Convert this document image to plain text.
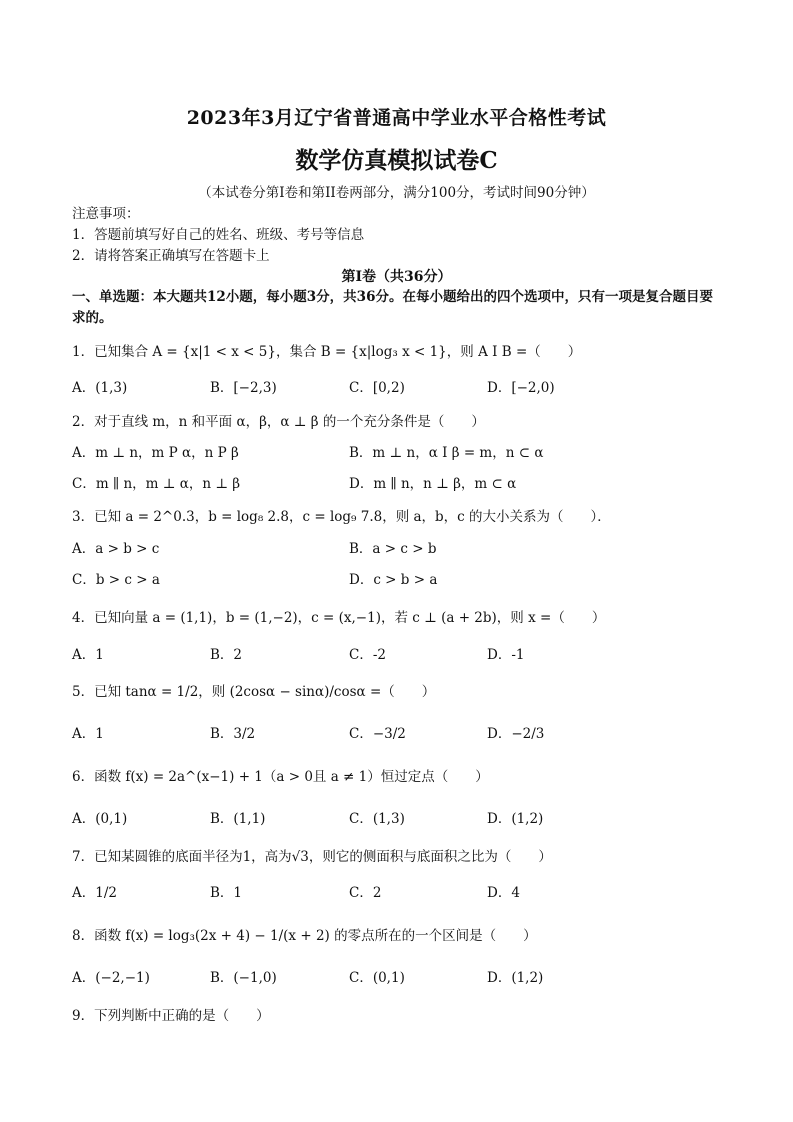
2023年3月辽宁省普通高中学业水平合格性考试
数学仿真模拟试卷C
（本试卷分第I卷和第II卷两部分，满分100分，考试时间90分钟）
注意事项：
1．答题前填写好自己的姓名、班级、考号等信息
2．请将答案正确填写在答题卡上
第I卷（共36分）
一、单选题：本大题共12小题，每小题3分，共36分。在每小题给出的四个选项中，只有一项是复合题目要求的。
1．已知集合 A = {x|1 < x < 5}，集合 B = {x|log₃ x < 1}，则 A I B =（　　）
A．(1,3)	B．[−2,3)	C．[0,2)	D．[−2,0)
2．对于直线 m，n 和平面 α，β，α ⊥ β 的一个充分条件是（　　）
A．m ⊥ n，m P α，n P β	B．m ⊥ n，α I β = m，n ⊂ α
C．m ∥ n，m ⊥ α，n ⊥ β	D．m ∥ n，n ⊥ β，m ⊂ α
3．已知 a = 2^0.3，b = log₈ 2.8，c = log₉ 7.8，则 a，b，c 的大小关系为（　　）．
A．a > b > c	B．a > c > b
C．b > c > a	D．c > b > a
4．已知向量 a = (1,1)，b = (1,−2)，c = (x,−1)，若 c ⊥ (a + 2b)，则 x =（　　）
A．1	B．2	C．-2	D．-1
5．已知 tanα = 1/2，则 (2cosα − sinα)/cosα =（　　）
A．1	B．3/2	C．−3/2	D．−2/3
6．函数 f(x) = 2a^(x−1) + 1（a > 0且 a ≠ 1）恒过定点（　　）
A．(0,1)	B．(1,1)	C．(1,3)	D．(1,2)
7．已知某圆锥的底面半径为1，高为√3，则它的侧面积与底面积之比为（　　）
A．1/2	B．1	C．2	D．4
8．函数 f(x) = log₃(2x + 4) − 1/(x + 2) 的零点所在的一个区间是（　　）
A．(−2,−1)	B．(−1,0)	C．(0,1)	D．(1,2)
9．下列判断中正确的是（　　）
